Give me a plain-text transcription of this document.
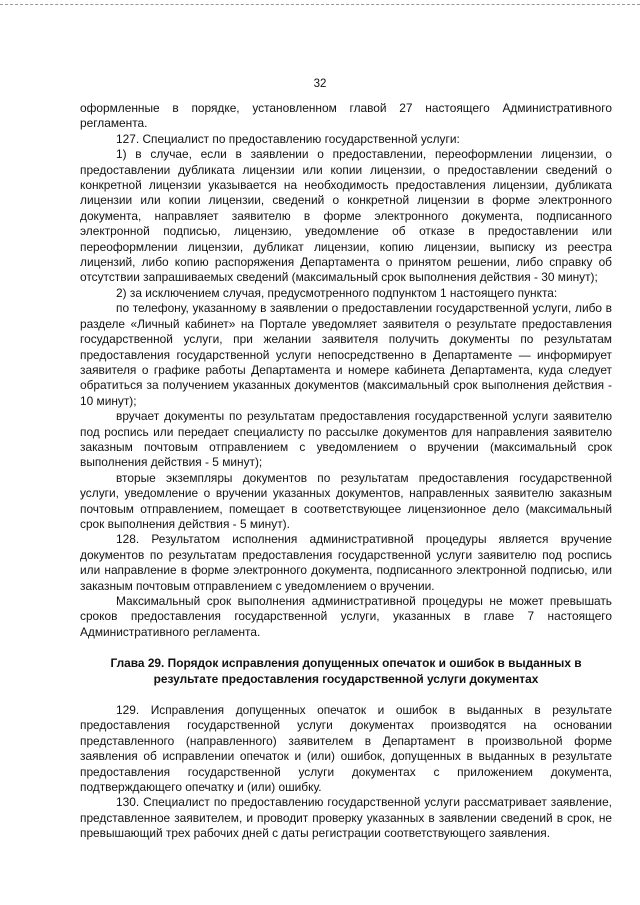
32

оформленные в порядке, установленном главой 27 настоящего Административного регламента.

127. Специалист по предоставлению государственной услуги:

1) в случае, если в заявлении о предоставлении, переоформлении лицензии, о предоставлении дубликата лицензии или копии лицензии, о предоставлении сведений о конкретной лицензии указывается на необходимость предоставления лицензии, дубликата лицензии или копии лицензии, сведений о конкретной лицензии в форме электронного документа, направляет заявителю в форме электронного документа, подписанного электронной подписью, лицензию, уведомление об отказе в предоставлении или переоформлении лицензии, дубликат лицензии, копию лицензии, выписку из реестра лицензий, либо копию распоряжения Департамента о принятом решении, либо справку об отсутствии запрашиваемых сведений (максимальный срок выполнения действия - 30 минут);

2) за исключением случая, предусмотренного подпунктом 1 настоящего пункта:

по телефону, указанному в заявлении о предоставлении государственной услуги, либо в разделе «Личный кабинет» на Портале уведомляет заявителя о результате предоставления государственной услуги, при желании заявителя получить документы по результатам предоставления государственной услуги непосредственно в Департаменте — информирует заявителя о графике работы Департамента и номере кабинета Департамента, куда следует обратиться за получением указанных документов (максимальный срок выполнения действия - 10 минут);

вручает документы по результатам предоставления государственной услуги заявителю под роспись или передает специалисту по рассылке документов для направления заявителю заказным почтовым отправлением с уведомлением о вручении (максимальный срок выполнения действия - 5 минут);

вторые экземпляры документов по результатам предоставления государственной услуги, уведомление о вручении указанных документов, направленных заявителю заказным почтовым отправлением, помещает в соответствующее лицензионное дело (максимальный срок выполнения действия - 5 минут).

128. Результатом исполнения административной процедуры является вручение документов по результатам предоставления государственной услуги заявителю под роспись или направление в форме электронного документа, подписанного электронной подписью, или заказным почтовым отправлением с уведомлением о вручении.

Максимальный срок выполнения административной процедуры не может превышать сроков предоставления государственной услуги, указанных в главе 7 настоящего Административного регламента.

Глава 29. Порядок исправления допущенных опечаток и ошибок в выданных в результате предоставления государственной услуги документах

129. Исправления допущенных опечаток и ошибок в выданных в результате предоставления государственной услуги документах производятся на основании представленного (направленного) заявителем в Департамент в произвольной форме заявления об исправлении опечаток и (или) ошибок, допущенных в выданных в результате предоставления государственной услуги документах с приложением документа, подтверждающего опечатку и (или) ошибку.

130. Специалист по предоставлению государственной услуги рассматривает заявление, представленное заявителем, и проводит проверку указанных в заявлении сведений в срок, не превышающий трех рабочих дней с даты регистрации соответствующего заявления.
